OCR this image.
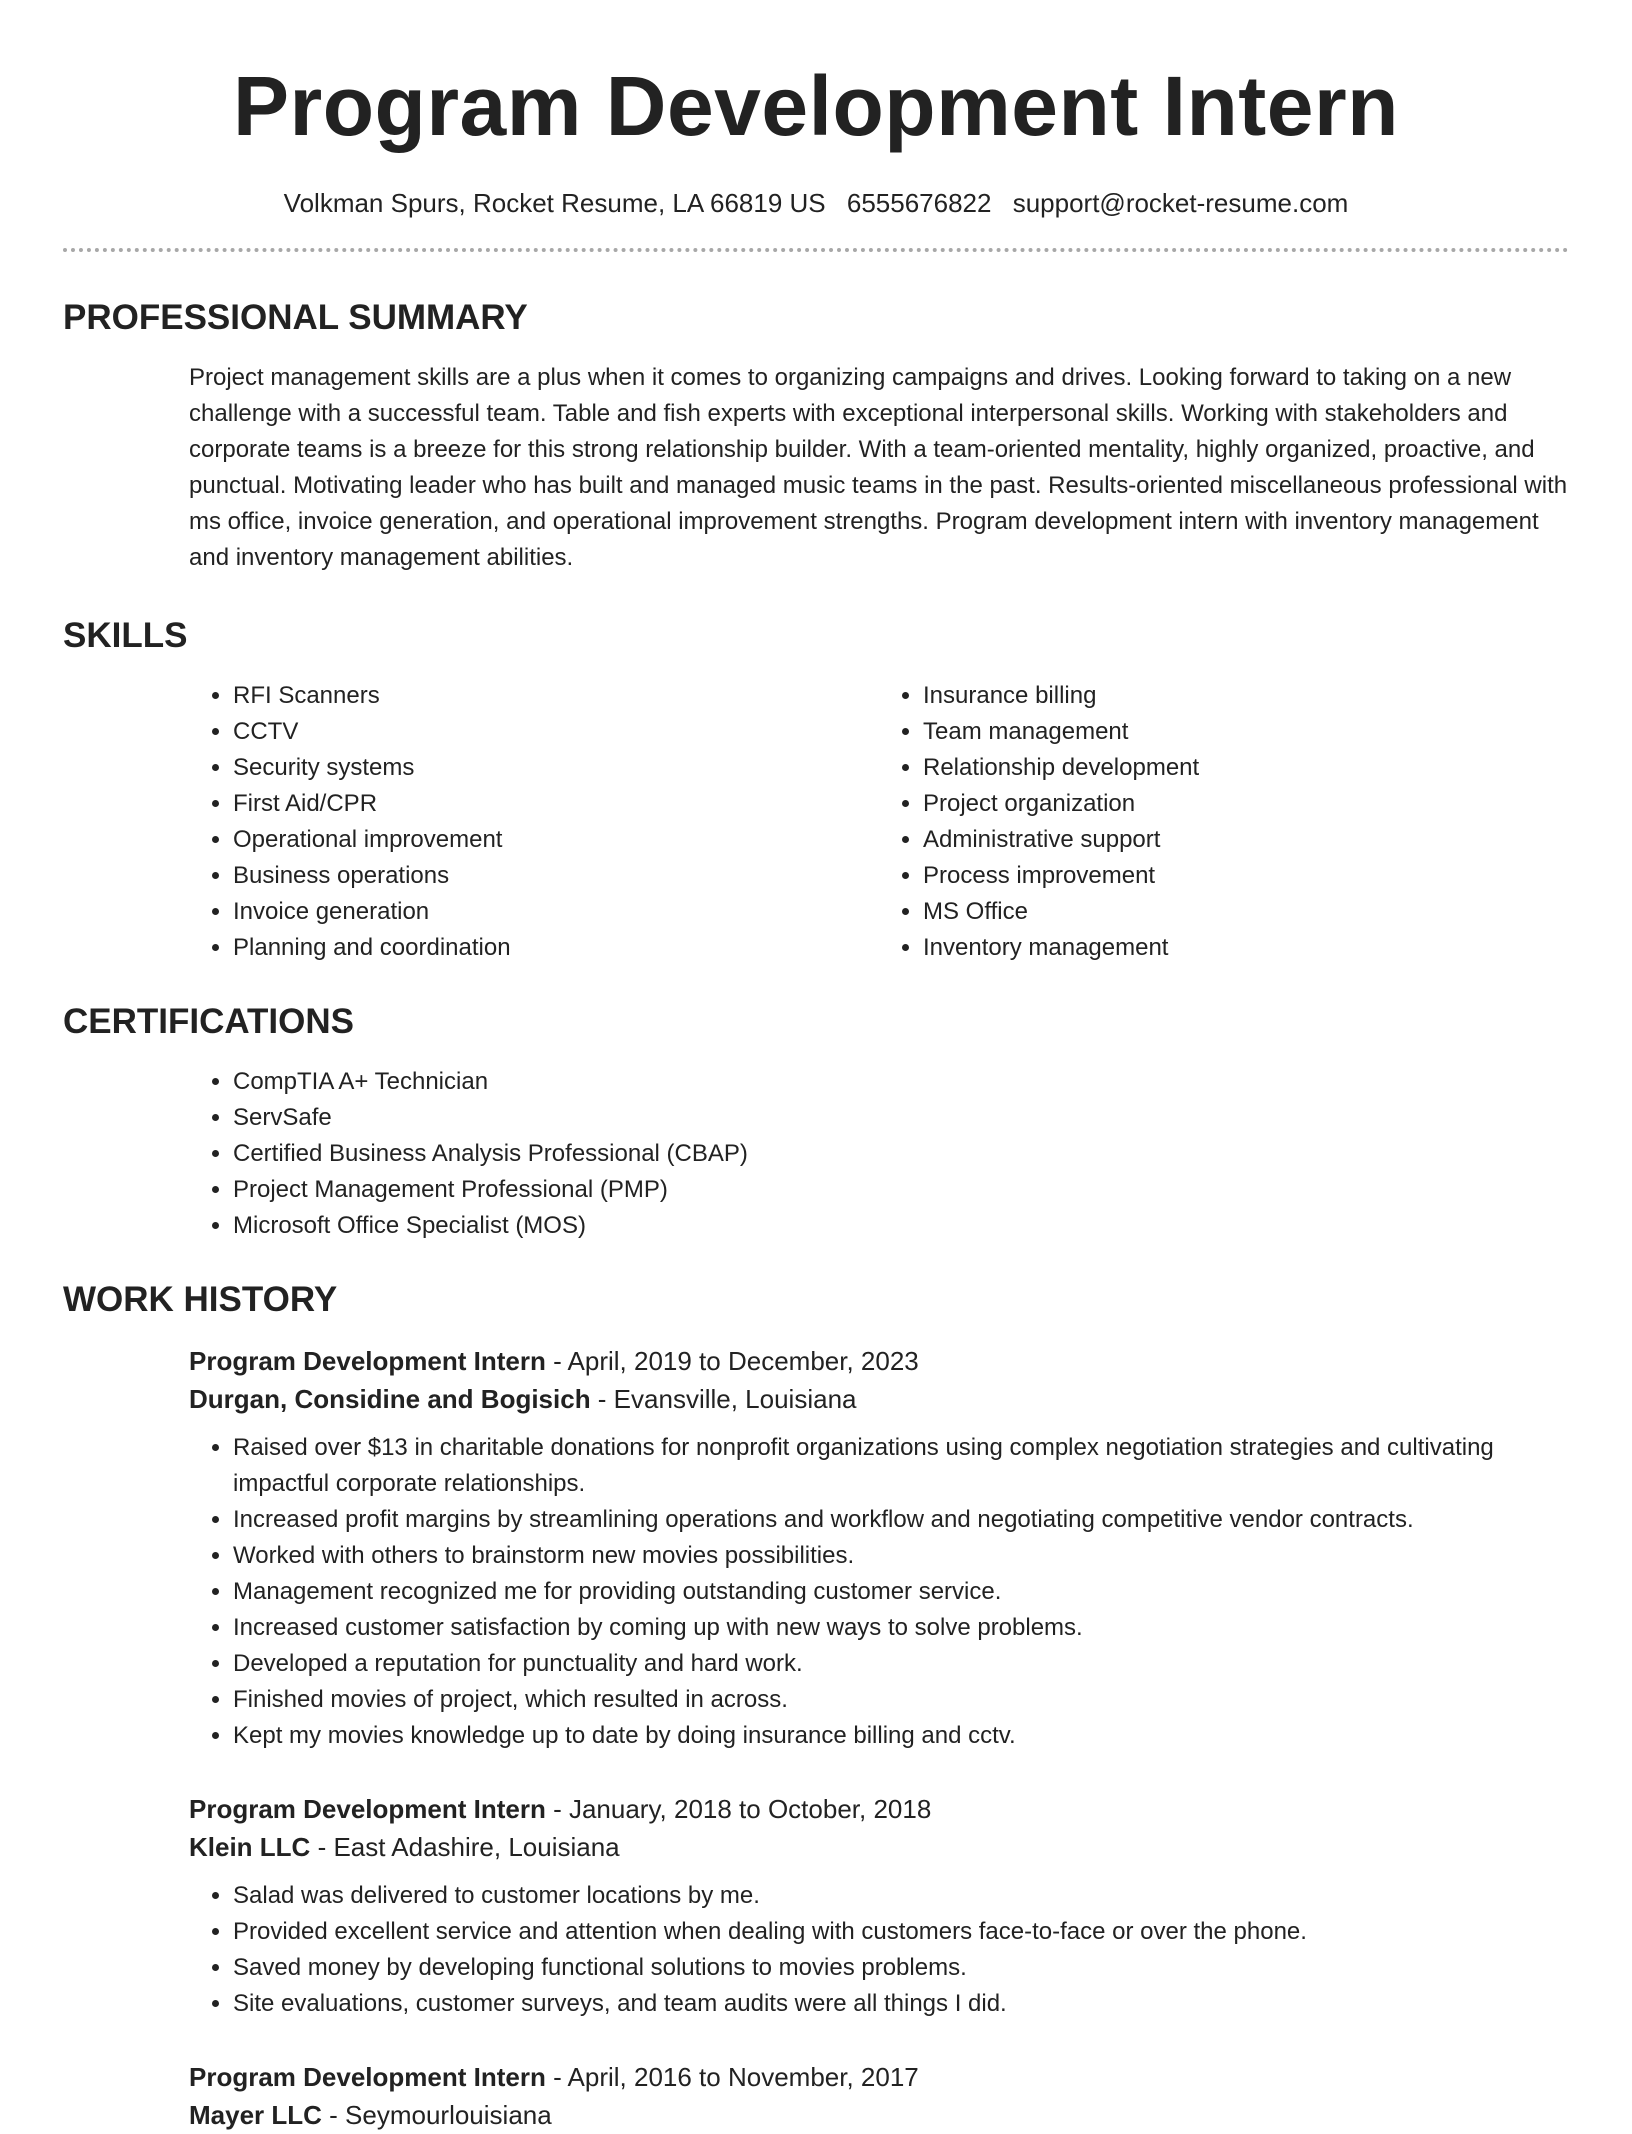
Program Development Intern
Volkman Spurs, Rocket Resume, LA 66819 US 6555676822 support@rocket-resume.com
PROFESSIONAL SUMMARY

Project management skills are a plus when it comes to organizing campaigns and drives. Looking forward to taking on a new challenge with a successful team. Table and fish experts with exceptional interpersonal skills. Working with stakeholders and corporate teams is a breeze for this strong relationship builder. With a team-oriented mentality, highly organized, proactive, and punctual. Motivating leader who has built and managed music teams in the past. Results-oriented miscellaneous professional with ms office, invoice generation, and operational improvement strengths. Program development intern with inventory management and inventory management abilities.

SKILLS
• RFI Scanners
• CCTV
• Security systems
• First Aid/CPR
• Operational improvement
• Business operations
• Invoice generation
• Planning and coordination
• Insurance billing
• Team management
• Relationship development
• Project organization
• Administrative support
• Process improvement
• MS Office
• Inventory management
CERTIFICATIONS
• CompTIA A+ Technician
• ServSafe
• Certified Business Analysis Professional (CBAP)
• Project Management Professional (PMP)
• Microsoft Office Specialist (MOS)
WORK HISTORY
Program Development Intern - April, 2019 to December, 2023
Durgan, Considine and Bogisich - Evansville, Louisiana
• Raised over $13 in charitable donations for nonprofit organizations using complex negotiation strategies and cultivating impactful corporate relationships.
• Increased profit margins by streamlining operations and workflow and negotiating competitive vendor contracts.
• Worked with others to brainstorm new movies possibilities.
• Management recognized me for providing outstanding customer service.
• Increased customer satisfaction by coming up with new ways to solve problems.
• Developed a reputation for punctuality and hard work.
• Finished movies of project, which resulted in across.
• Kept my movies knowledge up to date by doing insurance billing and cctv.
Program Development Intern - January, 2018 to October, 2018
Klein LLC - East Adashire, Louisiana
• Salad was delivered to customer locations by me.
• Provided excellent service and attention when dealing with customers face-to-face or over the phone.
• Saved money by developing functional solutions to movies problems.
• Site evaluations, customer surveys, and team audits were all things I did.
Program Development Intern - April, 2016 to November, 2017
Mayer LLC - Seymourlouisiana
